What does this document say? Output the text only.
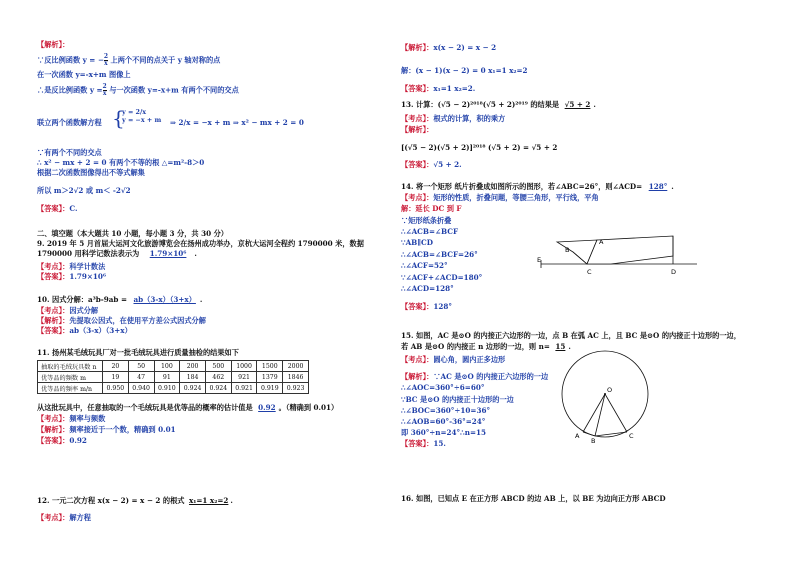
【解析】：
∵反比例函数 y = − $\frac{2}{x}$ 上两个不同的点关于 y 轴对称的点
在一次函数 y=-x+m 图像上
∴是反比例函数 $y = \frac{2}{x}$ 与一次函数 y=-x+m 有两个不同的交点
联立两个函数解方程 {
y = 2/x
y = −x + m ⇒ 2/x = −x + m ⇒ x² − mx + 2 = 0
∵有两个不同的交点
∴ x² − mx + 2 = 0 有两个不等的根 △=m²-8＞0
根据二次函数图像得出不等式解集
所以 m＞2√2 或 m＜ -2√2
【答案】：C.
二、填空题（本大题共 10 小题，每小题 3 分，共 30 分）
9. 2019 年 5 月首届大运河文化旅游博览会在扬州成功举办，京杭大运河全程约 1790000 米，数据
1790000 用科学记数法表示为 1.79×10⁶ .
【考点】：科学计数法
【答案】：1.79×10⁶
10. 因式分解：a³b-9ab = ab（3-x）（3+x） .
【考点】：因式分解
【解析】：先提取公因式，在使用平方差公式因式分解
【答案】：ab（3-x）（3+x）
11. 扬州某毛绒玩具厂对一批毛绒玩具进行质量抽检的结果如下
抽取的毛绒玩具数 n	20	50	100	200	500	1000	1500	2000
优等品的频数 m	19	47	91	184	462	921	1379	1846
优等品的频率 m/n	0.950	0.940	0.910	0.924	0.924	0.921	0.919	0.923
从这批玩具中，任意抽取的一个毛绒玩具是优等品的概率的估计值是 0.92 。（精确到 0.01）
【考点】：频率与频数
【解析】：频率接近于一个数，精确到 0.01
【答案】：0.92
12. 一元二次方程 x(x − 2) = x − 2 的根式 x₁=1 x₂=2 .
【考点】：解方程
【解析】：x(x − 2) = x − 2
解：(x − 1)(x − 2) = 0 x₁=1 x₂=2
【答案】：x₁=1 x₂=2.
13. 计算：(√5 − 2)²⁰¹⁸(√5 + 2)²⁰¹⁹ 的结果是 √5 + 2 .
【考点】：根式的计算，积的乘方
【解析】：
[(√5 − 2)(√5 + 2)]²⁰¹⁸ (√5 + 2) = √5 + 2
【答案】：√5 + 2.
14. 将一个矩形 纸片折叠成如图所示的图形，若∠ABC=26°，则∠ACD= 128° .
【考点】：矩形的性质，折叠问题，等腰三角形，平行线，平角
解：延长 DC 到 F
∵矩形纸条折叠
∴∠ACB=∠BCF
∵AB∥CD
∴∠ACB=∠BCF=26°
∴∠ACF=52°
∵∠ACF+∠ACD=180°
∴∠ACD=128°
【答案】：128°
E
B
A
C	D
15. 如图，AC 是⊙O 的内接正六边形的一边，点 B 在弧 AC 上，且 BC 是⊙O 的内接正十边形的一边，
若 AB 是⊙O 的内接正 n 边形的一边，则 n= 15 .
【考点】：圆心角，圆内正多边形
【解析】：∵AC 是⊙O 的内接正六边形的一边
∴∠AOC=360°÷6=60°
∵BC 是⊙O 的内接正十边形的一边
∴∠BOC=360°÷10=36°
∴∠AOB=60°-36°=24°
即 360°÷n=24°∴n=15
【答案】：15.
O
A
B
C
16. 如图，已知点 E 在正方形 ABCD 的边 AB 上，以 BE 为边向正方形 ABCD
